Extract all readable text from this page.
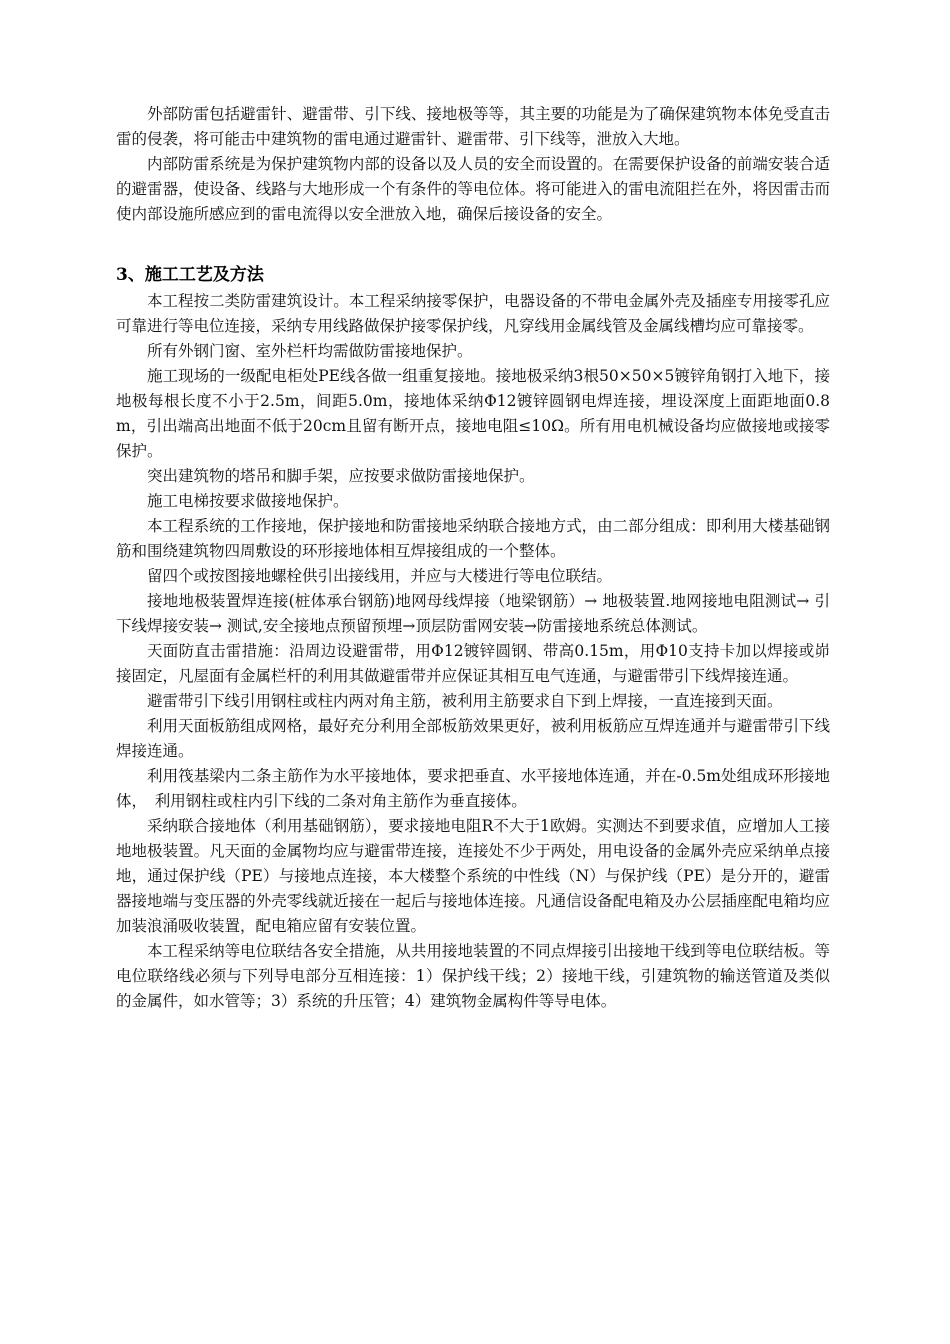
外部防雷包括避雷针、避雷带、引下线、接地极等等，其主要的功能是为了确保建筑物本体免受直击雷的侵袭，将可能击中建筑物的雷电通过避雷针、避雷带、引下线等，泄放入大地。

内部防雷系统是为保护建筑物内部的设备以及人员的安全而设置的。在需要保护设备的前端安装合适的避雷器，使设备、线路与大地形成一个有条件的等电位体。将可能进入的雷电流阻拦在外，将因雷击而使内部设施所感应到的雷电流得以安全泄放入地，确保后接设备的安全。

3、施工工艺及方法

本工程按二类防雷建筑设计。本工程采纳接零保护，电器设备的不带电金属外壳及插座专用接零孔应可靠进行等电位连接，采纳专用线路做保护接零保护线，凡穿线用金属线管及金属线槽均应可靠接零。

所有外钢门窗、室外栏杆均需做防雷接地保护。

施工现场的一级配电柜处PE线各做一组重复接地。接地极采纳3根50×50×5镀锌角钢打入地下，接地极每根长度不小于2.5m，间距5.0m，接地体采纳Φ12镀锌圆钢电焊连接，埋设深度上面距地面0.8m，引出端高出地面不低于20cm且留有断开点，接地电阻≤10Ω。所有用电机械设备均应做接地或接零保护。

突出建筑物的塔吊和脚手架，应按要求做防雷接地保护。

施工电梯按要求做接地保护。

本工程系统的工作接地，保护接地和防雷接地采纳联合接地方式，由二部分组成：即利用大楼基础钢筋和围绕建筑物四周敷设的环形接地体相互焊接组成的一个整体。

留四个或按图接地螺栓供引出接线用，并应与大楼进行等电位联结。

接地地极装置焊连接(桩体承台钢筋)地网母线焊接（地梁钢筋）→ 地极装置.地网接地电阻测试→ 引下线焊接安装→ 测试,安全接地点预留预埋→顶层防雷网安装→防雷接地系统总体测试。

天面防直击雷措施：沿周边设避雷带，用Φ12镀锌圆钢、带高0.15m，用Φ10支持卡加以焊接或峁接固定，凡屋面有金属栏杆的利用其做避雷带并应保证其相互电气连通，与避雷带引下线焊接连通。

避雷带引下线引用钢柱或柱内两对角主筋，被利用主筋要求自下到上焊接，一直连接到天面。

利用天面板筋组成网格，最好充分利用全部板筋效果更好，被利用板筋应互焊连通并与避雷带引下线焊接连通。

利用筏基梁内二条主筋作为水平接地体，要求把垂直、水平接地体连通，并在-0.5m处组成环形接地体，　利用钢柱或柱内引下线的二条对角主筋作为垂直接体。

采纳联合接地体（利用基础钢筋），要求接地电阻R不大于1欧姆。实测达不到要求值，应增加人工接地地极装置。凡天面的金属物均应与避雷带连接，连接处不少于两处，用电设备的金属外壳应采纳单点接地，通过保护线（PE）与接地点连接，本大楼整个系统的中性线（N）与保护线（PE）是分开的，避雷器接地端与变压器的外壳零线就近接在一起后与接地体连接。凡通信设备配电箱及办公层插座配电箱均应加装浪涌吸收装置，配电箱应留有安装位置。

本工程采纳等电位联结各安全措施，从共用接地装置的不同点焊接引出接地干线到等电位联结板。等电位联络线必须与下列导电部分互相连接：1）保护线干线；2）接地干线，引建筑物的输送管道及类似的金属件，如水管等；3）系统的升压管；4）建筑物金属构件等导电体。
